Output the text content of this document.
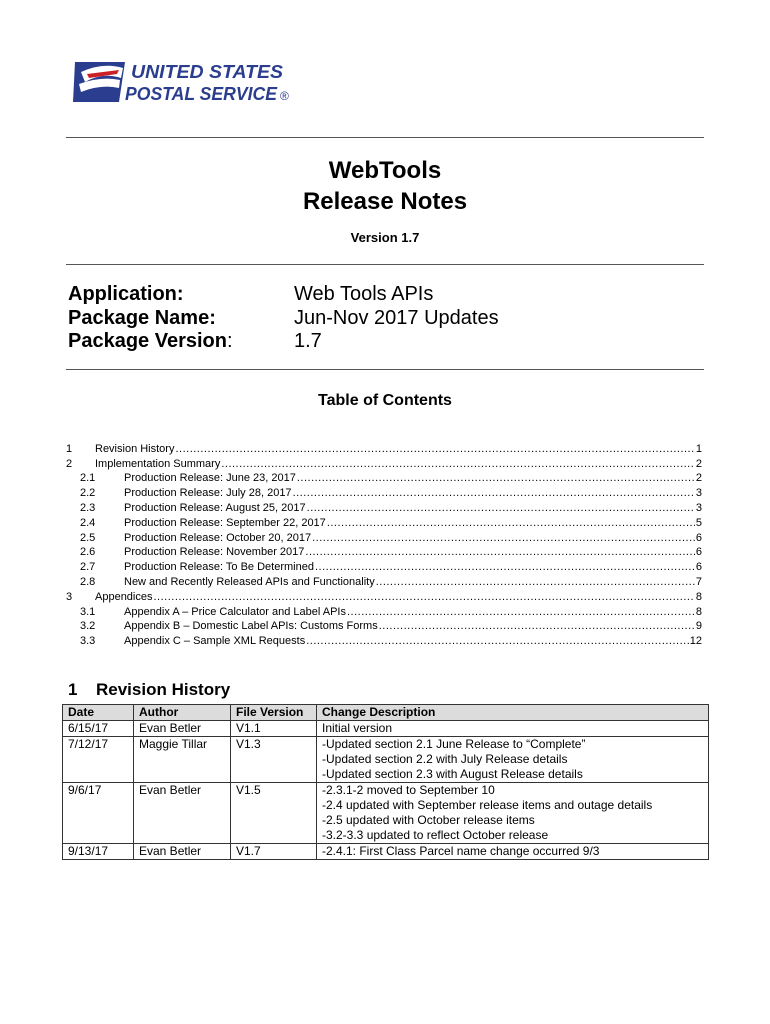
UNITED STATES
POSTAL SERVICE ®
WebTools
Release Notes
Version 1.7
Application:	Web Tools APIs
Package Name:	Jun-Nov 2017 Updates
Package Version:	1.7
Table of Contents
1	Revision History .....	1
2	Implementation Summary .....	2
2.1	Production Release: June 23, 2017 .....	2
2.2	Production Release: July 28, 2017 .....	3
2.3	Production Release: August 25, 2017 .....	3
2.4	Production Release: September 22, 2017 .....	5
2.5	Production Release: October 20, 2017 .....	6
2.6	Production Release: November 2017 .....	6
2.7	Production Release: To Be Determined .....	6
2.8	New and Recently Released APIs and Functionality .....	7
3	Appendices .....	8
3.1	Appendix A – Price Calculator and Label APIs .....	8
3.2	Appendix B – Domestic Label APIs: Customs Forms .....	9
3.3	Appendix C – Sample XML Requests .....	12
1 Revision History
Date	Author	File Version	Change Description
6/15/17	Evan Betler	V1.1	Initial version
7/12/17	Maggie Tillar	V1.3	-Updated section 2.1 June Release to “Complete”
			-Updated section 2.2 with July Release details
			-Updated section 2.3 with August Release details
9/6/17	Evan Betler	V1.5	-2.3.1-2 moved to September 10
			-2.4 updated with September release items and outage details
			-2.5 updated with October release items
			-3.2-3.3 updated to reflect October release
9/13/17	Evan Betler	V1.7	-2.4.1: First Class Parcel name change occurred 9/3
